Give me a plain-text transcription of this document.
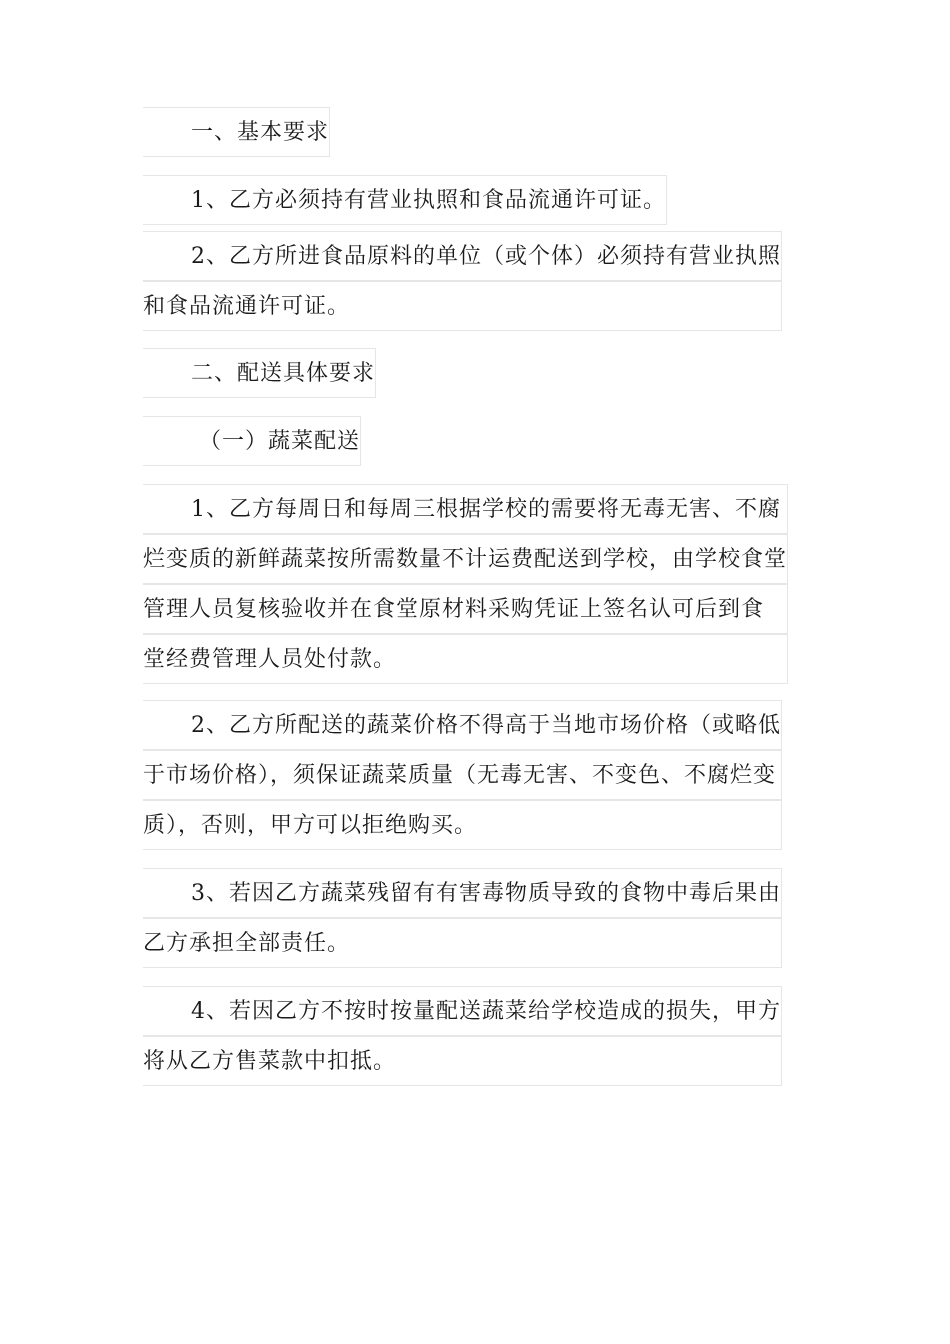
一、基本要求
1、乙方必须持有营业执照和食品流通许可证。
2、乙方所进食品原料的单位（或个体）必须持有营业执照
和食品流通许可证。
二、配送具体要求
（一）蔬菜配送
1、乙方每周日和每周三根据学校的需要将无毒无害、不腐
烂变质的新鲜蔬菜按所需数量不计运费配送到学校，由学校食堂
管理人员复核验收并在食堂原材料采购凭证上签名认可后到食
堂经费管理人员处付款。
2、乙方所配送的蔬菜价格不得高于当地市场价格（或略低
于市场价格），须保证蔬菜质量（无毒无害、不变色、不腐烂变
质），否则，甲方可以拒绝购买。
3、若因乙方蔬菜残留有有害毒物质导致的食物中毒后果由
乙方承担全部责任。
4、若因乙方不按时按量配送蔬菜给学校造成的损失，甲方
将从乙方售菜款中扣抵。
